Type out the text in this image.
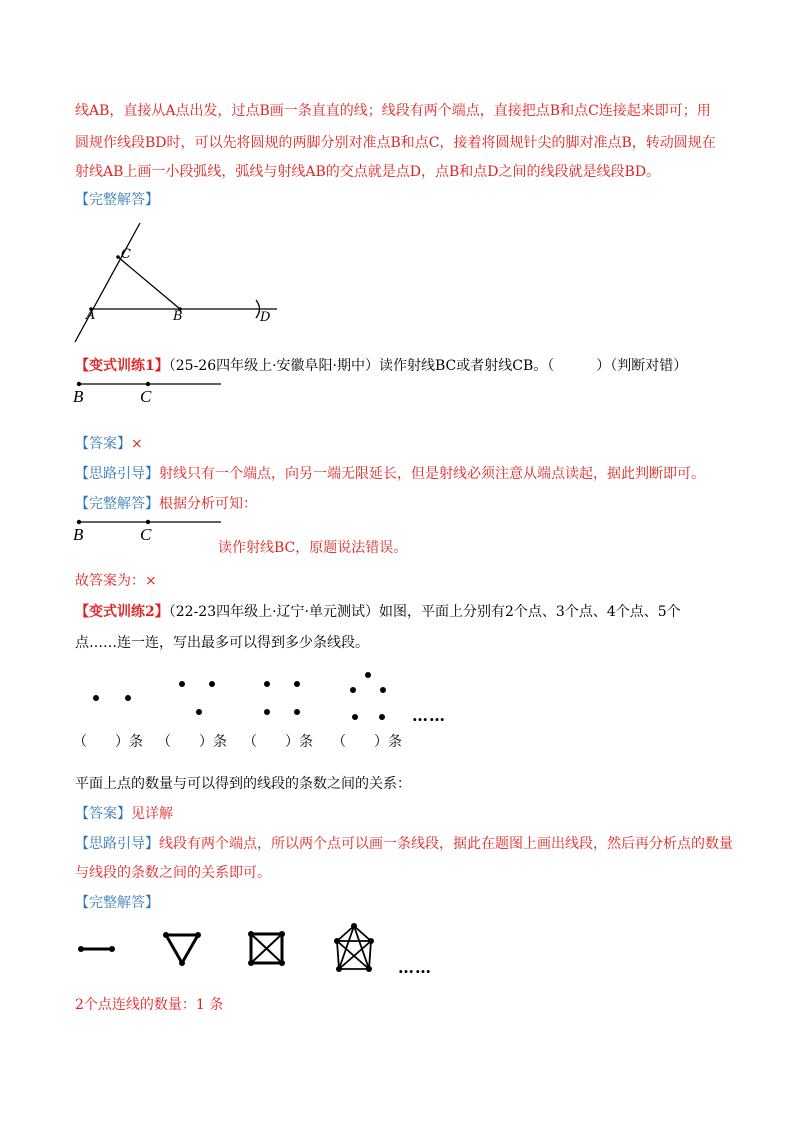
线AB，直接从A点出发，过点B画一条直直的线；线段有两个端点，直接把点B和点C连接起来即可；用
圆规作线段BD时，可以先将圆规的两脚分别对准点B和点C，接着将圆规针尖的脚对准点B，转动圆规在
射线AB上画一小段弧线，弧线与射线AB的交点就是点D，点B和点D之间的线段就是线段BD。
【完整解答】
C
A	B	D
【变式训练1】（25-26四年级上·安徽阜阳·期中）读作射线BC或者射线CB。（　　　）（判断对错）
B	C
【答案】×
【思路引导】射线只有一个端点，向另一端无限延长，但是射线必须注意从端点读起，据此判断即可。
【完整解答】根据分析可知：
B	C
读作射线BC，原题说法错误。
故答案为：×
【变式训练2】（22-23四年级上·辽宁·单元测试）如图，平面上分别有2个点、3个点、4个点、5个
点……连一连，写出最多可以得到多少条线段。
……
（　　）条 （　　）条 （　　）条 （　　）条
平面上点的数量与可以得到的线段的条数之间的关系：
【答案】见详解
【思路引导】线段有两个端点，所以两个点可以画一条线段，据此在题图上画出线段，然后再分析点的数量
与线段的条数之间的关系即可。
【完整解答】
……
2个点连线的数量：1 条
